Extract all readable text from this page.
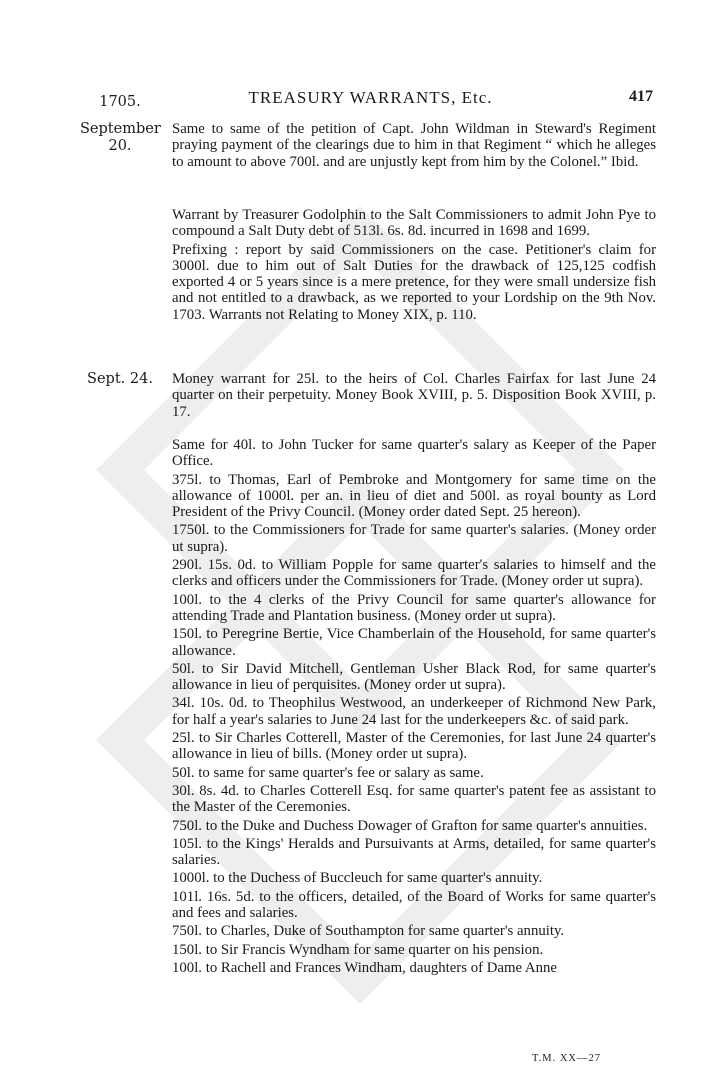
TREASURY WARRANTS, Etc.	417
1705.
September
20.
Sept. 24.

Same to same of the petition of Capt. John Wildman in Steward's Regiment praying payment of the clearings due to him in that Regiment “ which he alleges to amount to above 700l. and are unjustly kept from him by the Colonel.” Ibid.

Warrant by Treasurer Godolphin to the Salt Commissioners to admit John Pye to compound a Salt Duty debt of 513l. 6s. 8d. incurred in 1698 and 1699.

Prefixing : report by said Commissioners on the case. Petitioner's claim for 3000l. due to him out of Salt Duties for the drawback of 125,125 codfish exported 4 or 5 years since is a mere pretence, for they were small undersize fish and not entitled to a drawback, as we reported to your Lordship on the 9th Nov. 1703. Warrants not Relating to Money XIX, p. 110.

Money warrant for 25l. to the heirs of Col. Charles Fairfax for last June 24 quarter on their perpetuity. Money Book XVIII, p. 5. Disposition Book XVIII, p. 17.

Same for 40l. to John Tucker for same quarter's salary as Keeper of the Paper Office.

375l. to Thomas, Earl of Pembroke and Montgomery for same time on the allowance of 1000l. per an. in lieu of diet and 500l. as royal bounty as Lord President of the Privy Council. (Money order dated Sept. 25 hereon).

1750l. to the Commissioners for Trade for same quarter's salaries. (Money order ut supra).

290l. 15s. 0d. to William Popple for same quarter's salaries to himself and the clerks and officers under the Commissioners for Trade. (Money order ut supra).

100l. to the 4 clerks of the Privy Council for same quarter's allowance for attending Trade and Plantation business. (Money order ut supra).

150l. to Peregrine Bertie, Vice Chamberlain of the Household, for same quarter's allowance.

50l. to Sir David Mitchell, Gentleman Usher Black Rod, for same quarter's allowance in lieu of perquisites. (Money order ut supra).

34l. 10s. 0d. to Theophilus Westwood, an underkeeper of Richmond New Park, for half a year's salaries to June 24 last for the underkeepers &c. of said park.

25l. to Sir Charles Cotterell, Master of the Ceremonies, for last June 24 quarter's allowance in lieu of bills. (Money order ut supra).

50l. to same for same quarter's fee or salary as same.

30l. 8s. 4d. to Charles Cotterell Esq. for same quarter's patent fee as assistant to the Master of the Ceremonies.

750l. to the Duke and Duchess Dowager of Grafton for same quarter's annuities.

105l. to the Kings' Heralds and Pursuivants at Arms, detailed, for same quarter's salaries.

1000l. to the Duchess of Buccleuch for same quarter's annuity.

101l. 16s. 5d. to the officers, detailed, of the Board of Works for same quarter's and fees and salaries.

750l. to Charles, Duke of Southampton for same quarter's annuity.

150l. to Sir Francis Wyndham for same quarter on his pension.

100l. to Rachell and Frances Windham, daughters of Dame Anne

T.M. XX—27
